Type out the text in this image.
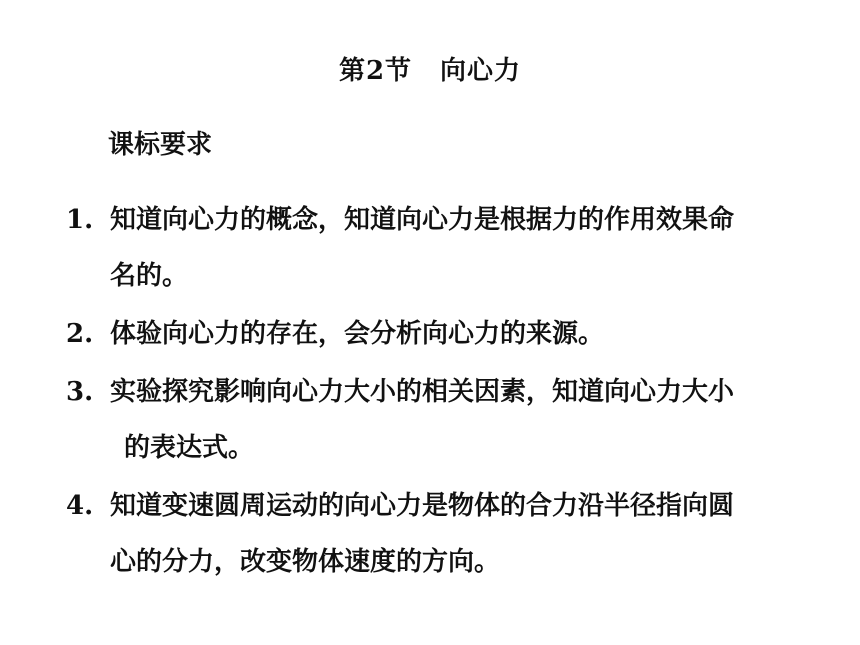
第2节 向心力
课标要求
1. 知道向心力的概念，知道向心力是根据力的作用效果命
名的。
2. 体验向心力的存在，会分析向心力的来源。
3. 实验探究影响向心力大小的相关因素，知道向心力大小
的表达式。
4. 知道变速圆周运动的向心力是物体的合力沿半径指向圆
心的分力，改变物体速度的方向。
